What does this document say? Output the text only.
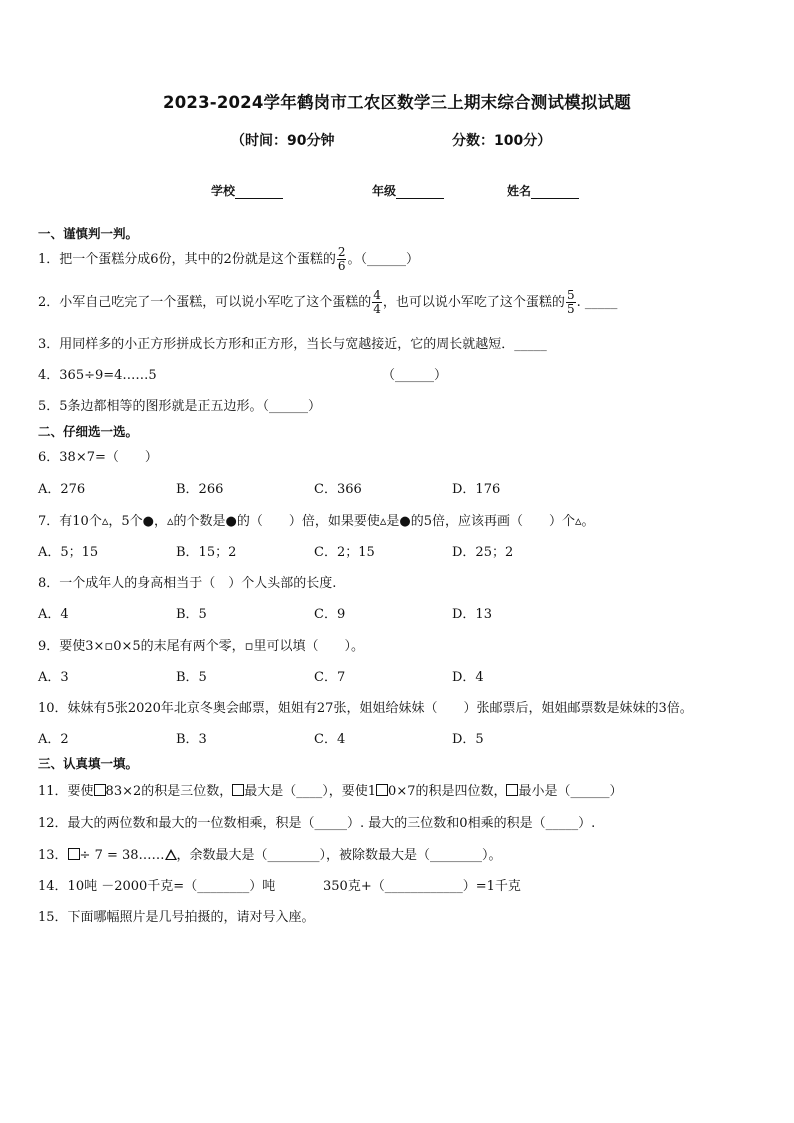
2023-2024学年鹤岗市工农区数学三上期末综合测试模拟试题
（时间：90分钟	分数：100分）
学校	年级	姓名
一、谨慎判一判。
1．把一个蛋糕分成6份，其中的2份就是这个蛋糕的 $\frac{2}{6}$ 。（______）
2．小军自己吃完了一个蛋糕，可以说小军吃了这个蛋糕的 $\frac{4}{4}$ ，也可以说小军吃了这个蛋糕的 $\frac{5}{5}$ . _____
3．用同样多的小正方形拼成长方形和正方形，当长与宽越接近，它的周长就越短．_____
4．365÷9=4……5	（______）
5．5条边都相等的图形就是正五边形。（______）
二、仔细选一选。
6．38×7=（　　）
A．276	B．266	C．366	D．176
7．有10个▵，5个●，▵的个数是●的（　　）倍，如果要使▵是●的5倍，应该再画（　　）个▵。
A．5；15	B．15；2	C．2；15	D．25；2
8．一个成年人的身高相当于（　）个人头部的长度.
A．4	B．5	C．9	D．13
9．要使3×▫0×5的末尾有两个零，▫里可以填（　　）。
A．3	B．5	C．7	D．4
10．妹妹有5张2020年北京冬奥会邮票，姐姐有27张，姐姐给妹妹（　　）张邮票后，姐姐邮票数是妹妹的3倍。
A．2	B．3	C．4	D．5
三、认真填一填。
11．要使 83×2的积是三位数， 最大是（____），要使1 0×7的积是四位数， 最小是（______）
12．最大的两位数和最大的一位数相乘，积是（_____）. 最大的三位数和0相乘的积是（_____）.
13． ÷ 7 = 38…… ，余数最大是（________），被除数最大是（________）。
14．10吨 －2000千克=（________）吨	350克+（____________）=1千克
15．下面哪幅照片是几号拍摄的，请对号入座。
